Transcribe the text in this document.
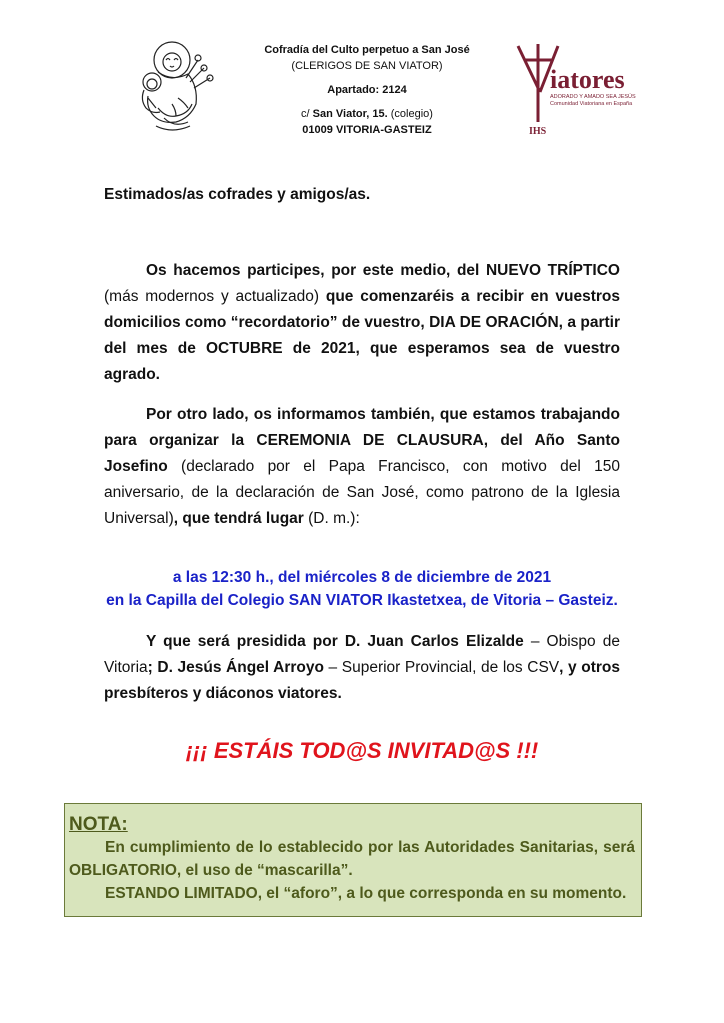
Cofradía del Culto perpetuo a San José
(CLERIGOS DE SAN VIATOR)
Apartado: 2124
c/ San Viator, 15. (colegio)
01009 VITORIA-GASTEIZ
iatores
ADORADO Y AMADO SEA JESÚS
Comunidad Viatoriana en España
IHS
Estimados/as cofrades y amigos/as.
Os hacemos participes, por este medio, del NUEVO TRÍPTICO (más modernos y actualizado) que comenzaréis a recibir en vuestros domicilios como “recordatorio” de vuestro, DIA DE ORACIÓN, a partir del mes de OCTUBRE de 2021, que esperamos sea de vuestro agrado.
Por otro lado, os informamos también, que estamos trabajando para organizar la CEREMONIA DE CLAUSURA, del Año Santo Josefino (declarado por el Papa Francisco, con motivo del 150 aniversario, de la declaración de San José, como patrono de la Iglesia Universal), que tendrá lugar (D. m.):
a las 12:30 h., del miércoles 8 de diciembre de 2021
en la Capilla del Colegio SAN VIATOR Ikastetxea, de Vitoria – Gasteiz.
Y que será presidida por D. Juan Carlos Elizalde – Obispo de Vitoria; D. Jesús Ángel Arroyo – Superior Provincial, de los CSV, y otros presbíteros y diáconos viatores.
¡¡¡ ESTÁIS TOD@S INVITAD@S !!!
NOTA:
En cumplimiento de lo establecido por las Autoridades Sanitarias, será OBLIGATORIO, el uso de “mascarilla”.
ESTANDO LIMITADO, el “aforo”, a lo que corresponda en su momento.
